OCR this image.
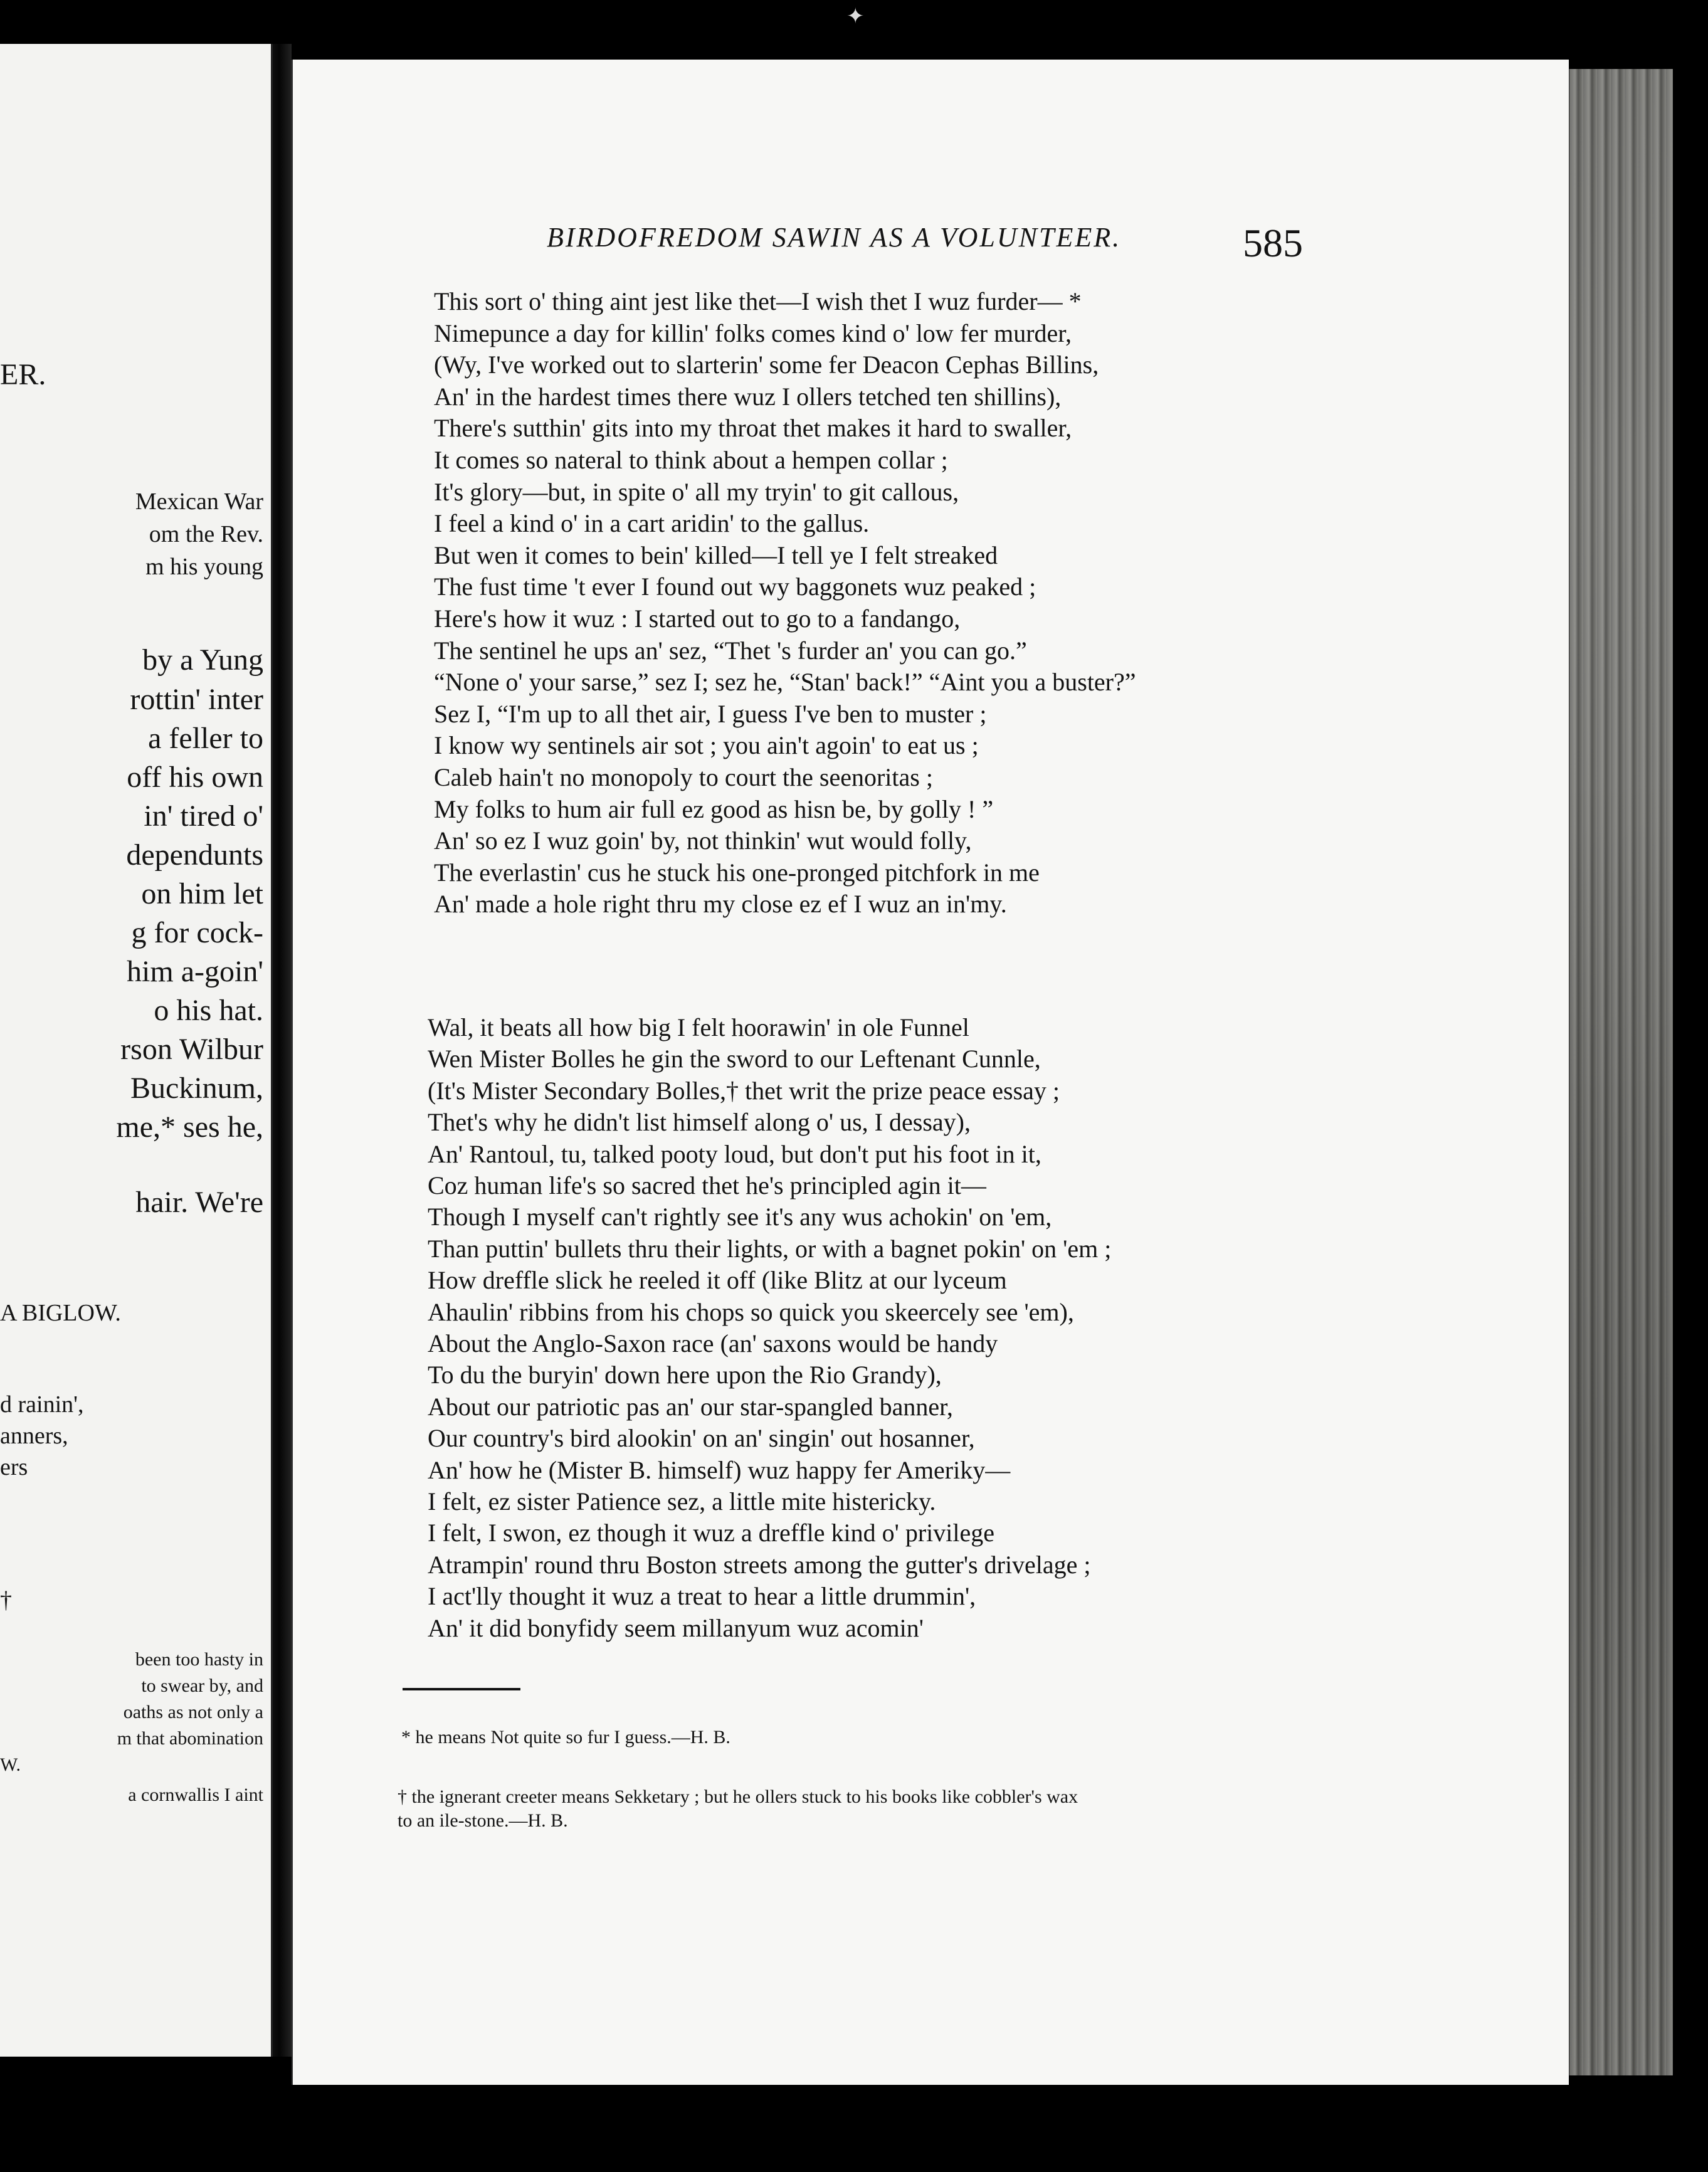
ER.
Mexican War
om the Rev.
m his young
by a Yung
rottin' inter
a feller to
off his own
in' tired o'
dependunts
on him let
g for cock-
him a-goin'
o his hat.
rson Wilbur
Buckinum,
me,* ses he,
hair. We're
A BIGLOW.
d rainin',
anners,
ers
†
been too hasty in
to swear by, and
oaths as not only a
m that abomination
W.
a cornwallis I aint
BIRDOFREDOM SAWIN AS A VOLUNTEER.	585
This sort o' thing aint jest like thet—I wish thet I wuz furder— *
Nimepunce a day for killin' folks comes kind o' low fer murder,
(Wy, I've worked out to slarterin' some fer Deacon Cephas Billins,
An' in the hardest times there wuz I ollers tetched ten shillins),
There's sutthin' gits into my throat thet makes it hard to swaller,
It comes so nateral to think about a hempen collar ;
It's glory—but, in spite o' all my tryin' to git callous,
I feel a kind o' in a cart aridin' to the gallus.
But wen it comes to bein' killed—I tell ye I felt streaked
The fust time 't ever I found out wy baggonets wuz peaked ;
Here's how it wuz : I started out to go to a fandango,
The sentinel he ups an' sez, “Thet 's furder an' you can go.”
“None o' your sarse,” sez I; sez he, “Stan' back!” “Aint you a buster?”
Sez I, “I'm up to all thet air, I guess I've ben to muster ;
I know wy sentinels air sot ; you ain't agoin' to eat us ;
Caleb hain't no monopoly to court the seenoritas ;
My folks to hum air full ez good as hisn be, by golly ! ”
An' so ez I wuz goin' by, not thinkin' wut would folly,
The everlastin' cus he stuck his one-pronged pitchfork in me
An' made a hole right thru my close ez ef I wuz an in'my.
Wal, it beats all how big I felt hoorawin' in ole Funnel
Wen Mister Bolles he gin the sword to our Leftenant Cunnle,
(It's Mister Secondary Bolles,† thet writ the prize peace essay ;
Thet's why he didn't list himself along o' us, I dessay),
An' Rantoul, tu, talked pooty loud, but don't put his foot in it,
Coz human life's so sacred thet he's principled agin it—
Though I myself can't rightly see it's any wus achokin' on 'em,
Than puttin' bullets thru their lights, or with a bagnet pokin' on 'em ;
How dreffle slick he reeled it off (like Blitz at our lyceum
Ahaulin' ribbins from his chops so quick you skeercely see 'em),
About the Anglo-Saxon race (an' saxons would be handy
To du the buryin' down here upon the Rio Grandy),
About our patriotic pas an' our star-spangled banner,
Our country's bird alookin' on an' singin' out hosanner,
An' how he (Mister B. himself) wuz happy fer Ameriky—
I felt, ez sister Patience sez, a little mite histericky.
I felt, I swon, ez though it wuz a dreffle kind o' privilege
Atrampin' round thru Boston streets among the gutter's drivelage ;
I act'lly thought it wuz a treat to hear a little drummin',
An' it did bonyfidy seem millanyum wuz acomin'
* he means Not quite so fur I guess.—H. B.
† the ignerant creeter means Sekketary ; but he ollers stuck to his books like cobbler's wax
to an ile-stone.—H. B.
✦
